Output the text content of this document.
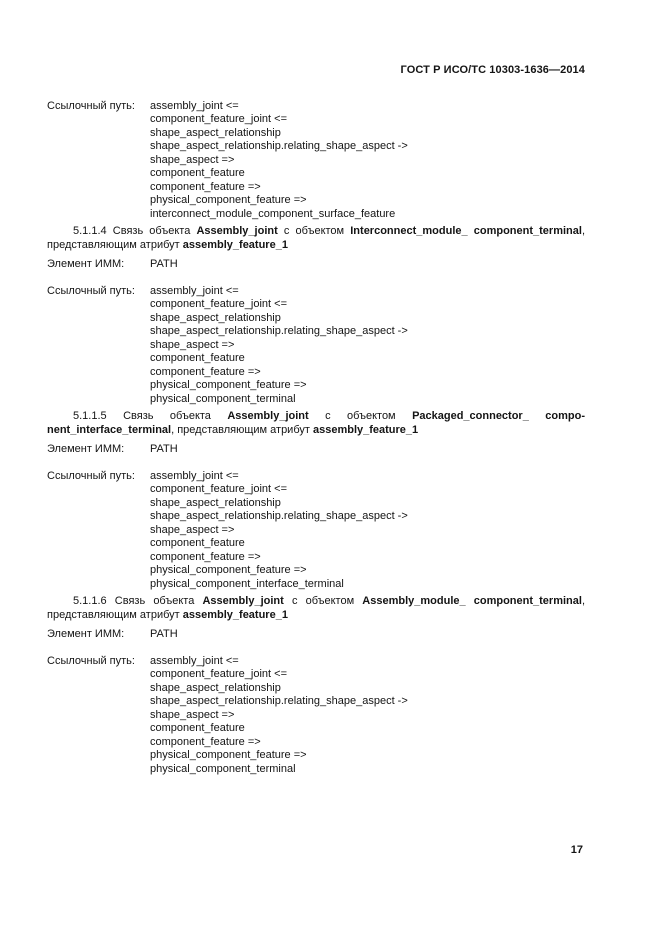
ГОСТ Р ИСО/ТС 10303-1636—2014
Ссылочный путь:	assembly_joint <=
component_feature_joint <=
shape_aspect_relationship
shape_aspect_relationship.relating_shape_aspect ->
shape_aspect =>
component_feature
component_feature =>
physical_component_feature =>
interconnect_module_component_surface_feature
5.1.1.4 Связь объекта Assembly_joint с объектом Interconnect_module_ component_terminal,
представляющим атрибут assembly_feature_1
Элемент ИММ:	PATH
Ссылочный путь:	assembly_joint <=
component_feature_joint <=
shape_aspect_relationship
shape_aspect_relationship.relating_shape_aspect ->
shape_aspect =>
component_feature
component_feature =>
physical_component_feature =>
physical_component_terminal
5.1.1.5 Связь объекта Assembly_joint с объектом Packaged_connector_ compo-
nent_interface_terminal, представляющим атрибут assembly_feature_1
Элемент ИММ:	PATH
Ссылочный путь:	assembly_joint <=
component_feature_joint <=
shape_aspect_relationship
shape_aspect_relationship.relating_shape_aspect ->
shape_aspect =>
component_feature
component_feature =>
physical_component_feature =>
physical_component_interface_terminal
5.1.1.6 Связь объекта Assembly_joint с объектом Assembly_module_ component_terminal,
представляющим атрибут assembly_feature_1
Элемент ИММ:	PATH
Ссылочный путь:	assembly_joint <=
component_feature_joint <=
shape_aspect_relationship
shape_aspect_relationship.relating_shape_aspect ->
shape_aspect =>
component_feature
component_feature =>
physical_component_feature =>
physical_component_terminal
17
